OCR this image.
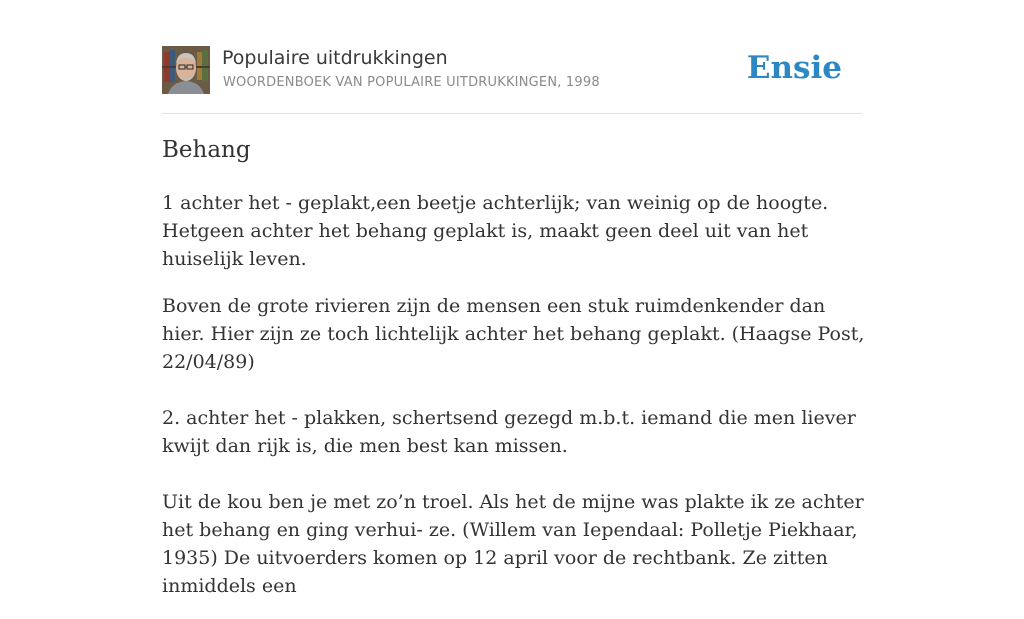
Populaire uitdrukkingen
WOORDENBOEK VAN POPULAIRE UITDRUKKINGEN, 1998	Ensie
Behang

1 achter het - geplakt,een beetje achterlijk; van weinig op de hoogte. Hetgeen achter het behang geplakt is, maakt geen deel uit van het huiselijk leven.

Boven de grote rivieren zijn de mensen een stuk ruimdenkender dan hier. Hier zijn ze toch lichtelijk achter het behang geplakt. (Haagse Post, 22/04/89)

2. achter het - plakken, schertsend gezegd m.b.t. iemand die men liever kwijt dan rijk is, die men best kan missen.

Uit de kou ben je met zo’n troel. Als het de mijne was plakte ik ze achter het behang en ging verhui- ze. (Willem van Iependaal: Polletje Piekhaar, 1935) De uitvoerders komen op 12 april voor de rechtbank. Ze zitten inmiddels een
